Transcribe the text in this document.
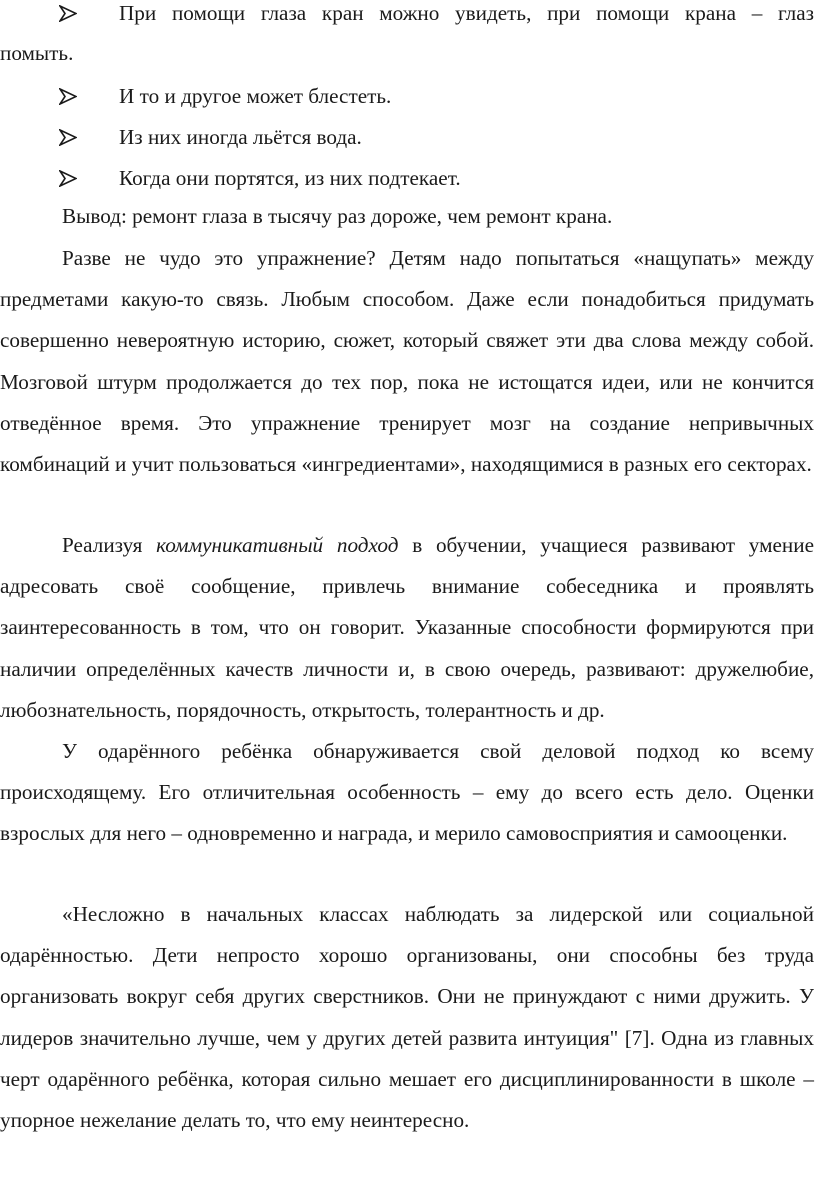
При помощи глаза кран можно увидеть, при помощи крана – глаз
помыть.
И то и другое может блестеть.
Из них иногда льётся вода.
Когда они портятся, из них подтекает.

Вывод: ремонт глаза в тысячу раз дороже, чем ремонт крана.

Разве не чудо это упражнение? Детям надо попытаться «нащупать» между предметами какую-то связь. Любым способом. Даже если понадобиться придумать совершенно невероятную историю, сюжет, который свяжет эти два слова между собой. Мозговой штурм продолжается до тех пор, пока не истощатся идеи, или не кончится отведённое время. Это упражнение тренирует мозг на создание непривычных комбинаций и учит пользоваться «ингредиентами», находящимися в разных его секторах.

Реализуя коммуникативный подход в обучении, учащиеся развивают умение адресовать своё сообщение, привлечь внимание собеседника и проявлять заинтересованность в том, что он говорит. Указанные способности формируются при наличии определённых качеств личности и, в свою очередь, развивают: дружелюбие, любознательность, порядочность, открытость, толерантность и др.

У одарённого ребёнка обнаруживается свой деловой подход ко всему происходящему. Его отличительная особенность – ему до всего есть дело. Оценки взрослых для него – одновременно и награда, и мерило самовосприятия и самооценки.

«Несложно в начальных классах наблюдать за лидерской или социальной одарённостью. Дети непросто хорошо организованы, они способны без труда организовать вокруг себя других сверстников. Они не принуждают с ними дружить. У лидеров значительно лучше, чем у других детей развита интуиция" [7]. Одна из главных черт одарённого ребёнка, которая сильно мешает его дисциплинированности в школе – упорное нежелание делать то, что ему неинтересно.
